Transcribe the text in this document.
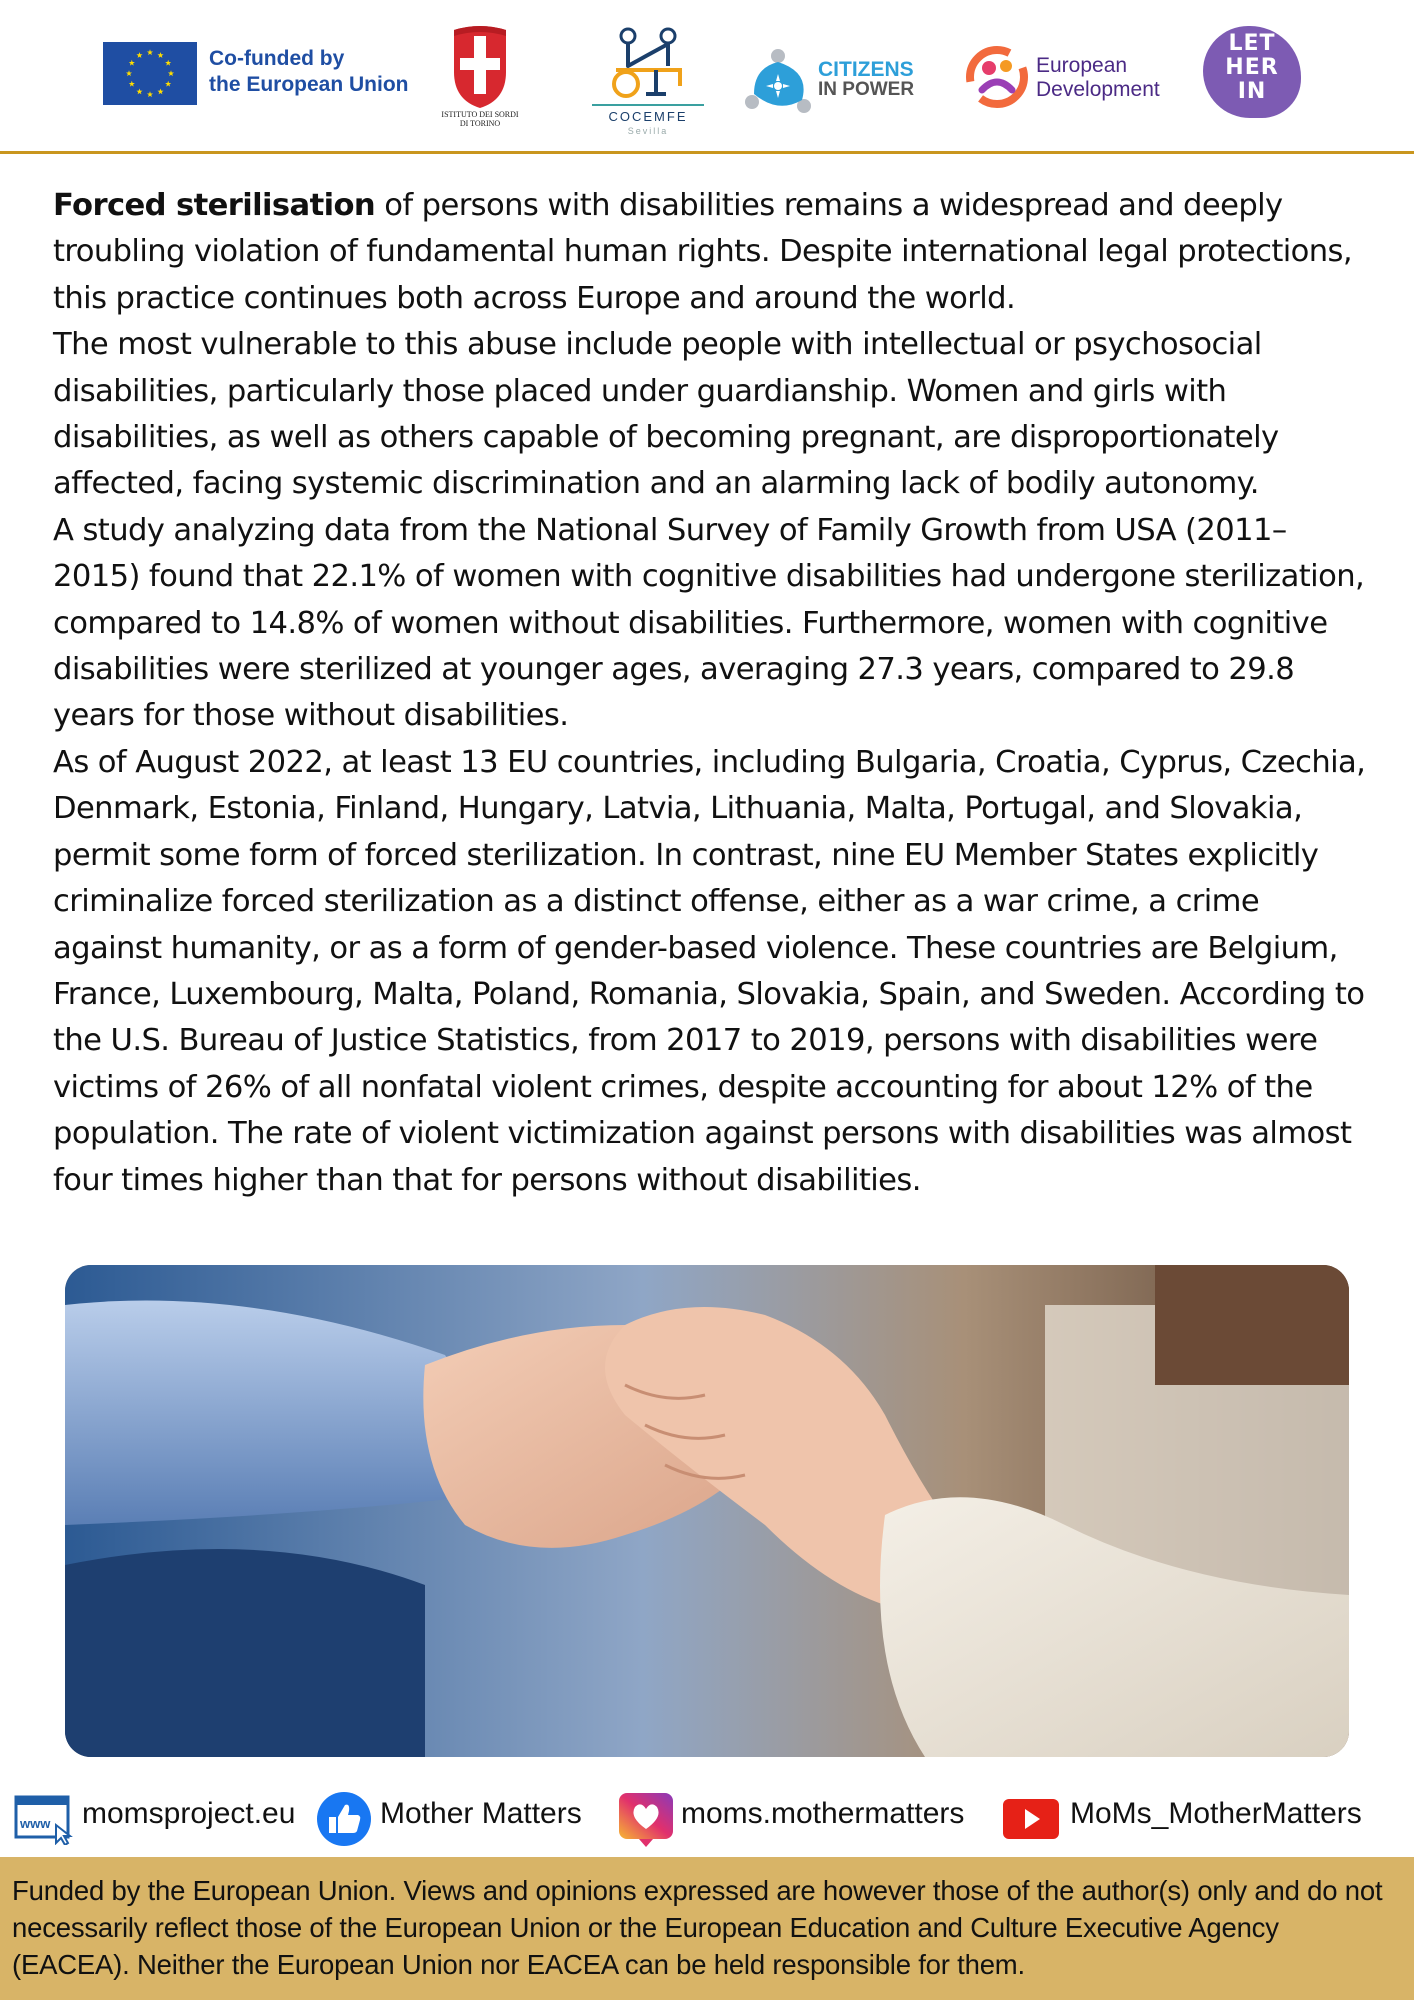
Co-funded by
the European Union
ISTITUTO DEI SORDI
DI TORINO	COCEMFE
Sevilla
CITIZENS
IN POWER
European
Development
LET
HER
IN

Forced sterilisation of persons with disabilities remains a widespread and deeply troubling violation of fundamental human rights. Despite international legal protections, this practice continues both across Europe and around the world.

The most vulnerable to this abuse include people with intellectual or psychosocial disabilities, particularly those placed under guardianship. Women and girls with disabilities, as well as others capable of becoming pregnant, are disproportionately affected, facing systemic discrimination and an alarming lack of bodily autonomy.

A study analyzing data from the National Survey of Family Growth from USA (2011–2015) found that 22.1% of women with cognitive disabilities had undergone sterilization, compared to 14.8% of women without disabilities. Furthermore, women with cognitive disabilities were sterilized at younger ages, averaging 27.3 years, compared to 29.8 years for those without disabilities.

As of August 2022, at least 13 EU countries, including Bulgaria, Croatia, Cyprus, Czechia, Denmark, Estonia, Finland, Hungary, Latvia, Lithuania, Malta, Portugal, and Slovakia, permit some form of forced sterilization. In contrast, nine EU Member States explicitly criminalize forced sterilization as a distinct offense, either as a war crime, a crime against humanity, or as a form of gender-based violence. These countries are Belgium, France, Luxembourg, Malta, Poland, Romania, Slovakia, Spain, and Sweden. According to the U.S. Bureau of Justice Statistics, from 2017 to 2019, persons with disabilities were victims of 26% of all nonfatal violent crimes, despite accounting for about 12% of the population. The rate of violent victimization against persons with disabilities was almost four times higher than that for persons without disabilities.

www momsproject.eu	Mother Matters	moms.mothermatters	MoMs_MotherMatters

Funded by the European Union. Views and opinions expressed are however those of the author(s) only and do not necessarily reflect those of the European Union or the European Education and Culture Executive Agency (EACEA). Neither the European Union nor EACEA can be held responsible for them.
